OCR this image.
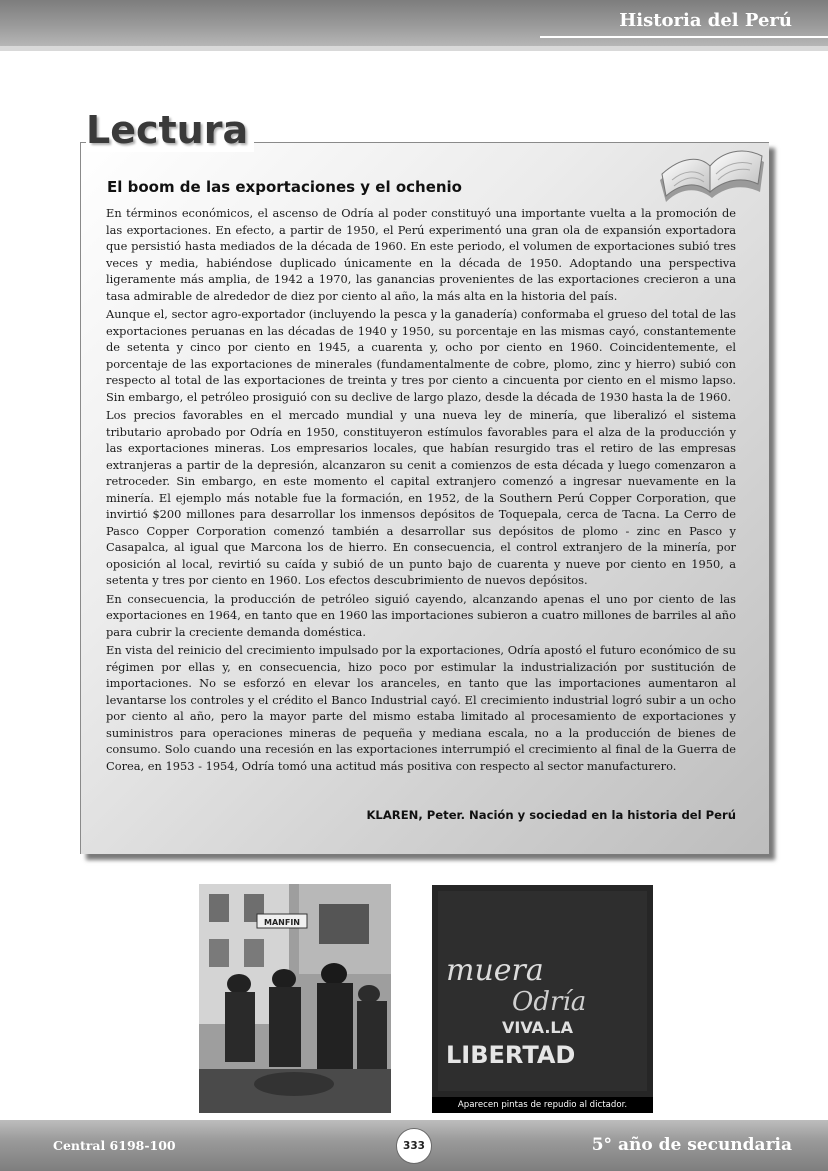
Historia del Perú
Lectura
El boom de las exportaciones y el ochenio

En términos económicos, el ascenso de Odría al poder constituyó una importante vuelta a la promoción de las exportaciones. En efecto, a partir de 1950, el Perú experimentó una gran ola de expansión exportadora que persistió hasta mediados de la década de 1960. En este periodo, el volumen de exportaciones subió tres veces y media, habiéndose duplicado únicamente en la década de 1950. Adoptando una perspectiva ligeramente más amplia, de 1942 a 1970, las ganancias provenientes de las exportaciones crecieron a una tasa admirable de alrededor de diez por ciento al año, la más alta en la historia del país.

Aunque el, sector agro-exportador (incluyendo la pesca y la ganadería) conformaba el grueso del total de las exportaciones peruanas en las décadas de 1940 y 1950, su porcentaje en las mismas cayó, constantemente de setenta y cinco por ciento en 1945, a cuarenta y, ocho por ciento en 1960. Coincidentemente, el porcentaje de las exportaciones de minerales (fundamentalmente de cobre, plomo, zinc y hierro) subió con respecto al total de las exportaciones de treinta y tres por ciento a cincuenta por ciento en el mismo lapso. Sin embargo, el petróleo prosiguió con su declive de largo plazo, desde la década de 1930 hasta la de 1960.

Los precios favorables en el mercado mundial y una nueva ley de minería, que liberalizó el sistema tributario aprobado por Odría en 1950, constituyeron estímulos favorables para el alza de la producción y las exportaciones mineras. Los empresarios locales, que habían resurgido tras el retiro de las empresas extranjeras a partir de la depresión, alcanzaron su cenit a comienzos de esta década y luego comenzaron a retroceder. Sin embargo, en este momento el capital extranjero comenzó a ingresar nuevamente en la minería. El ejemplo más notable fue la formación, en 1952, de la Southern Perú Copper Corporation, que invirtió $200 millones para desarrollar los inmensos depósitos de Toquepala, cerca de Tacna. La Cerro de Pasco Copper Corporation comenzó también a desarrollar sus depósitos de plomo - zinc en Pasco y Casapalca, al igual que Marcona los de hierro. En consecuencia, el control extranjero de la minería, por oposición al local, revirtió su caída y subió de un punto bajo de cuarenta y nueve por ciento en 1950, a setenta y tres por ciento en 1960. Los efectos descubrimiento de nuevos depósitos.

En consecuencia, la producción de petróleo siguió cayendo, alcanzando apenas el uno por ciento de las exportaciones en 1964, en tanto que en 1960 las importaciones subieron a cuatro millones de barriles al año para cubrir la creciente demanda doméstica.

En vista del reinicio del crecimiento impulsado por la exportaciones, Odría apostó el futuro económico de su régimen por ellas y, en consecuencia, hizo poco por estimular la industrialización por sustitución de importaciones. No se esforzó en elevar los aranceles, en tanto que las importaciones aumentaron al levantarse los controles y el crédito el Banco Industrial cayó. El crecimiento industrial logró subir a un ocho por ciento al año, pero la mayor parte del mismo estaba limitado al procesamiento de exportaciones y suministros para operaciones mineras de pequeña y mediana escala, no a la producción de bienes de consumo. Solo cuando una recesión en las exportaciones interrumpió el crecimiento al final de la Guerra de Corea, en 1953 - 1954, Odría tomó una actitud más positiva con respecto al sector manufacturero.

KLAREN, Peter. Nación y sociedad en la historia del Perú
MANFIN
muera
Odría
VIVA.LA
LIBERTAD
Aparecen pintas de repudio al dictador.
Central 6198-100	333	5° año de secundaria
